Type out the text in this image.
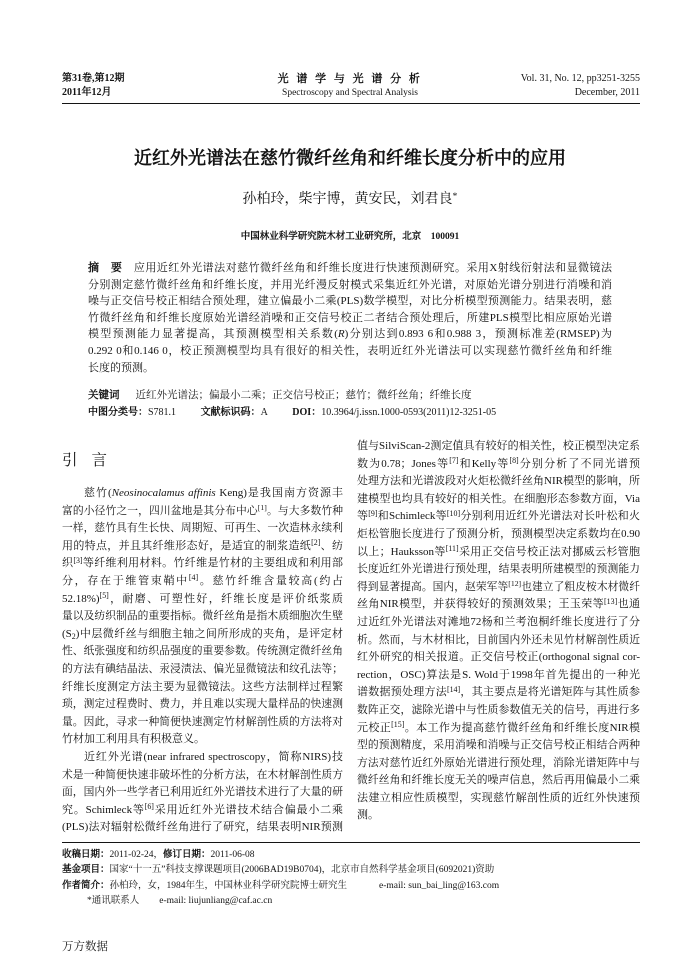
第31卷,第12期
2011年12月
光 谱 学 与 光 谱 分 析
Spectroscopy and Spectral Analysis
Vol. 31, No. 12, pp3251-3255
December, 2011
近红外光谱法在慈竹微纤丝角和纤维长度分析中的应用
孙柏玲，柴宇博，黄安民，刘君良*
中国林业科学研究院木材工业研究所，北京　100091
摘　要　应用近红外光谱法对慈竹微纤丝角和纤维长度进行快速预测研究。采用X射线衍射法和显微镜法
分别测定慈竹微纤丝角和纤维长度，并用光纤漫反射模式采集近红外光谱，对原始光谱分别进行消噪和消
噪与正交信号校正相结合预处理，建立偏最小二乘(PLS)数学模型，对比分析模型预测能力。结果表明，慈
竹微纤丝角和纤维长度原始光谱经消噪和正交信号校正二者结合预处理后，所建PLS模型比相应原始光谱
模型预测能力显著提高，其预测模型相关系数(R)分别达到0.893 6和0.988 3，预测标准差(RMSEP)为
0.292 0和0.146 0，校正预测模型均具有很好的相关性，表明近红外光谱法可以实现慈竹微纤丝角和纤维
长度的预测。
关键词 近红外光谱法；偏最小二乘；正交信号校正；慈竹；微纤丝角；纤维长度
中图分类号：S781.1 文献标识码：A DOI：10.3964/j.issn.1000-0593(2011)12-3251-05
引言
慈竹(Neosinocalamus affinis Keng)是我国南方资源丰
富的小径竹之一，四川盆地是其分布中心[1]。与大多数竹种
一样，慈竹具有生长快、周期短、可再生、一次造林永续利
用的特点，并且其纤维形态好，是适宜的制浆造纸[2]、纺
织[3]等纤维利用材料。竹纤维是竹材的主要组成和利用部
分，存在于维管束鞘中[4]。慈竹纤维含量较高(约占
52.18%)[5]，耐磨、可塑性好，纤维长度是评价纸浆质
量以及纺织制品的重要指标。微纤丝角是指木质细胞次生壁
(S2)中层微纤丝与细胞主轴之间所形成的夹角，是评定材
性、纸张强度和纺织品强度的重要参数。传统测定微纤丝角
的方法有碘结晶法、汞浸渍法、偏光显微镜法和纹孔法等；
纤维长度测定方法主要为显微镜法。这些方法制样过程繁
琐，测定过程费时、费力，并且难以实现大量样品的快速测
量。因此，寻求一种简便快速测定竹材解剖性质的方法将对
竹材加工利用具有积极意义。
近红外光谱(near infrared spectroscopy，简称NIRS)技
术是一种简便快速非破坏性的分析方法，在木材解剖性质方
面，国内外一些学者已利用近红外光谱技术进行了大量的研
究。Schimleck等[6]采用近红外光谱技术结合偏最小二乘
(PLS)法对辐射松微纤丝角进行了研究，结果表明NIR预测
值与SilviScan-2测定值具有较好的相关性，校正模型决定系
数为0.78；Jones等[7]和Kelly等[8]分别分析了不同光谱预
处理方法和光谱波段对火炬松微纤丝角NIR模型的影响，所
建模型也均具有较好的相关性。在细胞形态参数方面，Via
等[9]和Schimleck等[10]分别利用近红外光谱法对长叶松和火
炬松管胞长度进行了预测分析，预测模型决定系数均在0.90
以上；Hauksson等[11]采用正交信号校正法对挪威云杉管胞
长度近红外光谱进行预处理，结果表明所建模型的预测能力
得到显著提高。国内，赵荣军等[12]也建立了粗皮桉木材微纤
丝角NIR模型，并获得较好的预测效果；王玉荣等[13]也通
过近红外光谱法对滩地72杨和兰考泡桐纤维长度进行了分
析。然而，与木材相比，目前国内外还未见竹材解剖性质近
红外研究的相关报道。正交信号校正(orthogonal signal cor-
rection，OSC)算法是S. Wold于1998年首先提出的一种光
谱数据预处理方法[14]，其主要点是将光谱矩阵与其性质参
数阵正交，滤除光谱中与性质参数值无关的信号，再进行多
元校正[15]。本工作为提高慈竹微纤丝角和纤维长度NIR模
型的预测精度，采用消噪和消噪与正交信号校正相结合两种
方法对慈竹近红外原始光谱进行预处理，消除光谱矩阵中与
微纤丝角和纤维长度无关的噪声信息，然后再用偏最小二乘
法建立相应性质模型，实现慈竹解剖性质的近红外快速预
测。
收稿日期：2011-02-24，修订日期：2011-06-08
基金项目：国家“十一五”科技支撑课题项目(2006BAD19B0704)，北京市自然科学基金项目(6092021)资助
作者简介：孙柏玲，女，1984年生，中国林业科学研究院博士研究生	e-mail: sun_bai_ling@163.com
*通讯联系人 e-mail: liujunliang@caf.ac.cn
万方数据
